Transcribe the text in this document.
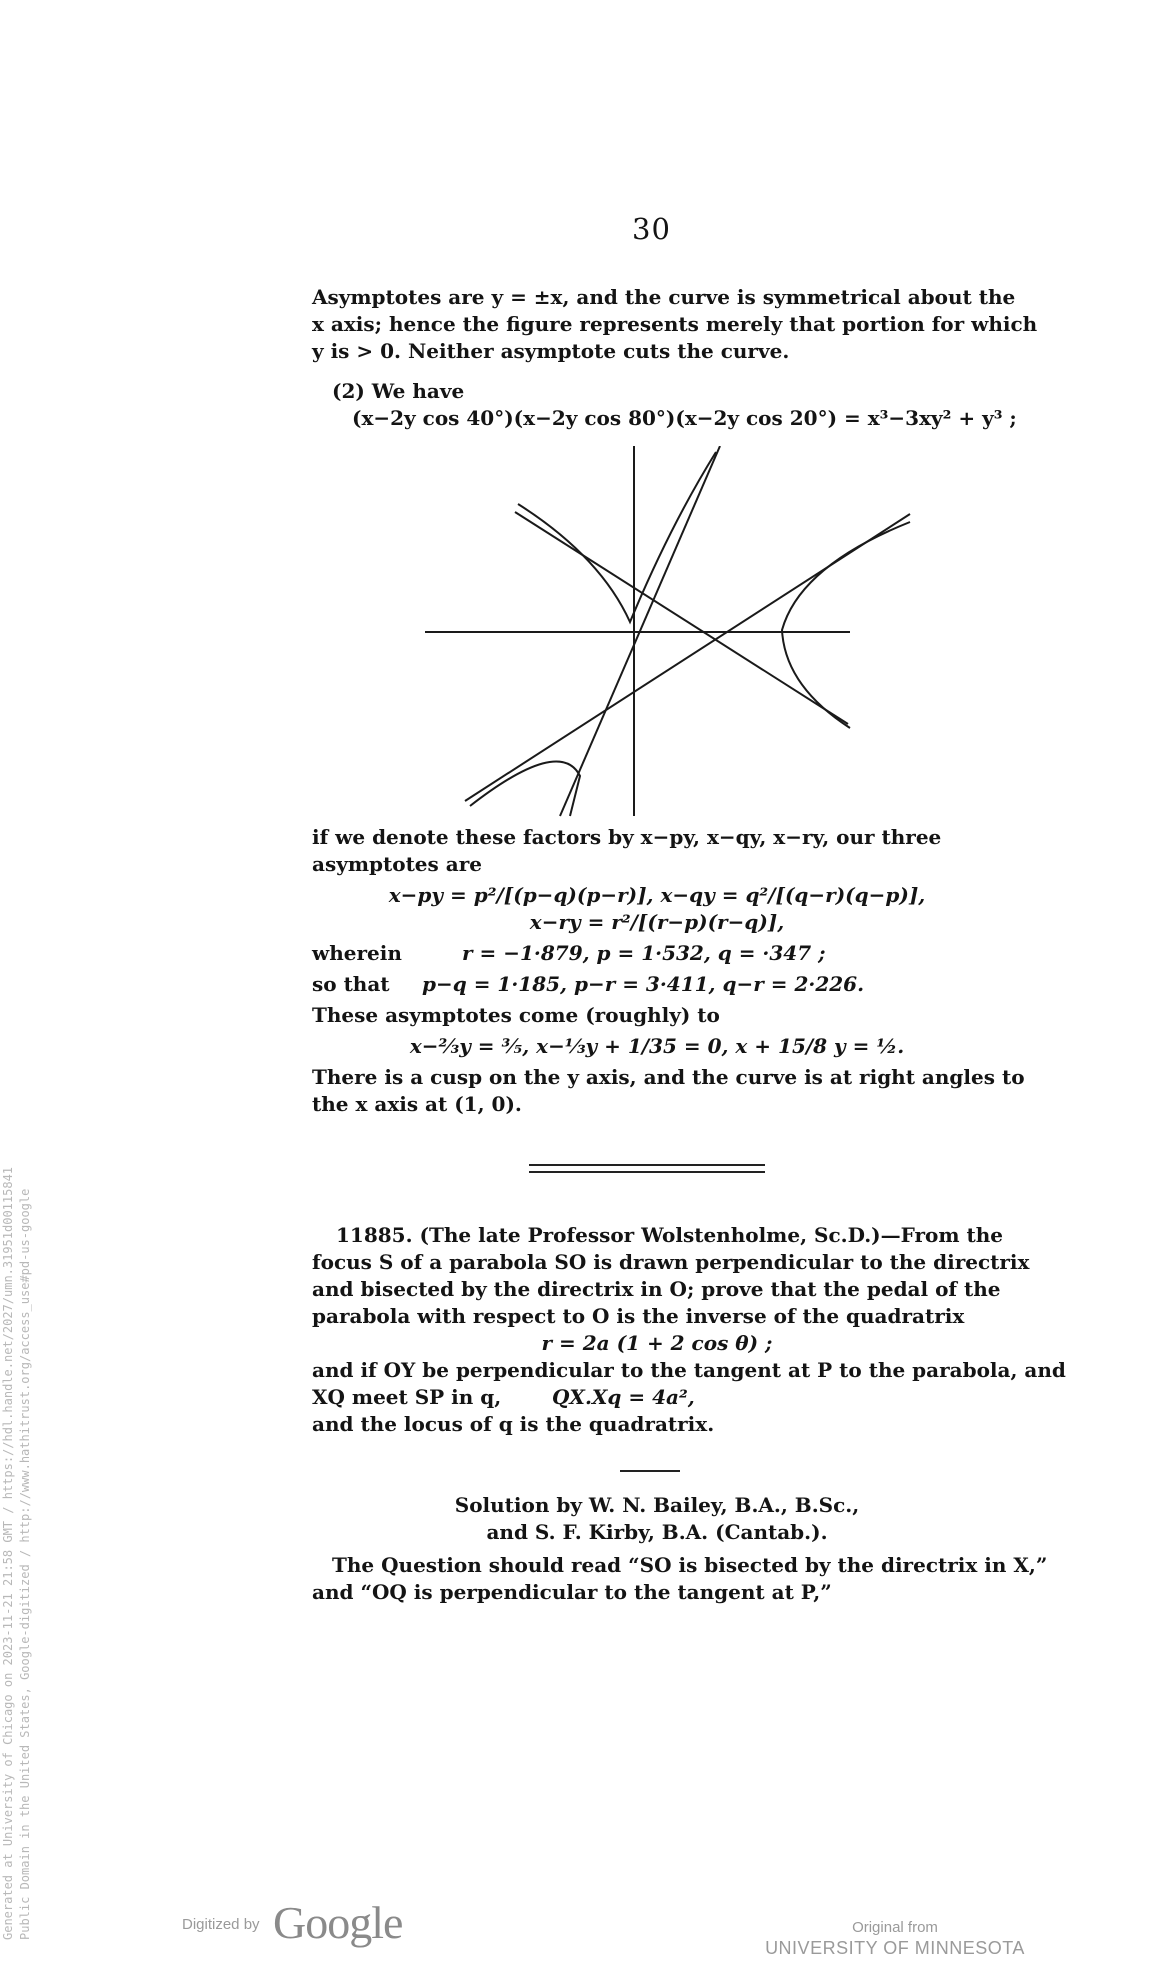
30
Asymptotes are y = ±x, and the curve is symmetrical about the
x axis; hence the figure represents merely that portion for which
y is > 0. Neither asymptote cuts the curve.
(2) We have
(x−2y cos 40°)(x−2y cos 80°)(x−2y cos 20°) = x³−3xy² + y³ ;
if we denote these factors by x−py, x−qy, x−ry, our three
asymptotes are
x−py = p²/[(p−q)(p−r)], x−qy = q²/[(q−r)(q−p)],
x−ry = r²/[(r−p)(r−q)],
wherein	r = −1·879, p = 1·532, q = ·347 ;
so that p−q = 1·185, p−r = 3·411, q−r = 2·226.
These asymptotes come (roughly) to
x−⅔y = ⅗, x−⅓y + 1/35 = 0, x + 15/8 y = ½.
There is a cusp on the y axis, and the curve is at right angles to
the x axis at (1, 0).
11885. (The late Professor Wolstenholme, Sc.D.)—From the
focus S of a parabola SO is drawn perpendicular to the directrix
and bisected by the directrix in O; prove that the pedal of the
parabola with respect to O is the inverse of the quadratrix
r = 2a (1 + 2 cos θ) ;
and if OY be perpendicular to the tangent at P to the parabola, and
XQ meet SP in q,	QX.Xq = 4a²,
and the locus of q is the quadratrix.
Solution by W. N. Bailey, B.A., B.Sc.,
and S. F. Kirby, B.A. (Cantab.).
The Question should read “SO is bisected by the directrix in X,”
and “OQ is perpendicular to the tangent at P,”
Generated at University of Chicago on 2023-11-21 21:58 GMT / https://hdl.handle.net/2027/umn.31951d00115841 Public Domain in the United States, Google-digitized / http://www.hathitrust.org/access_use#pd-us-google	Digitized by Google	Original from
UNIVERSITY OF MINNESOTA
